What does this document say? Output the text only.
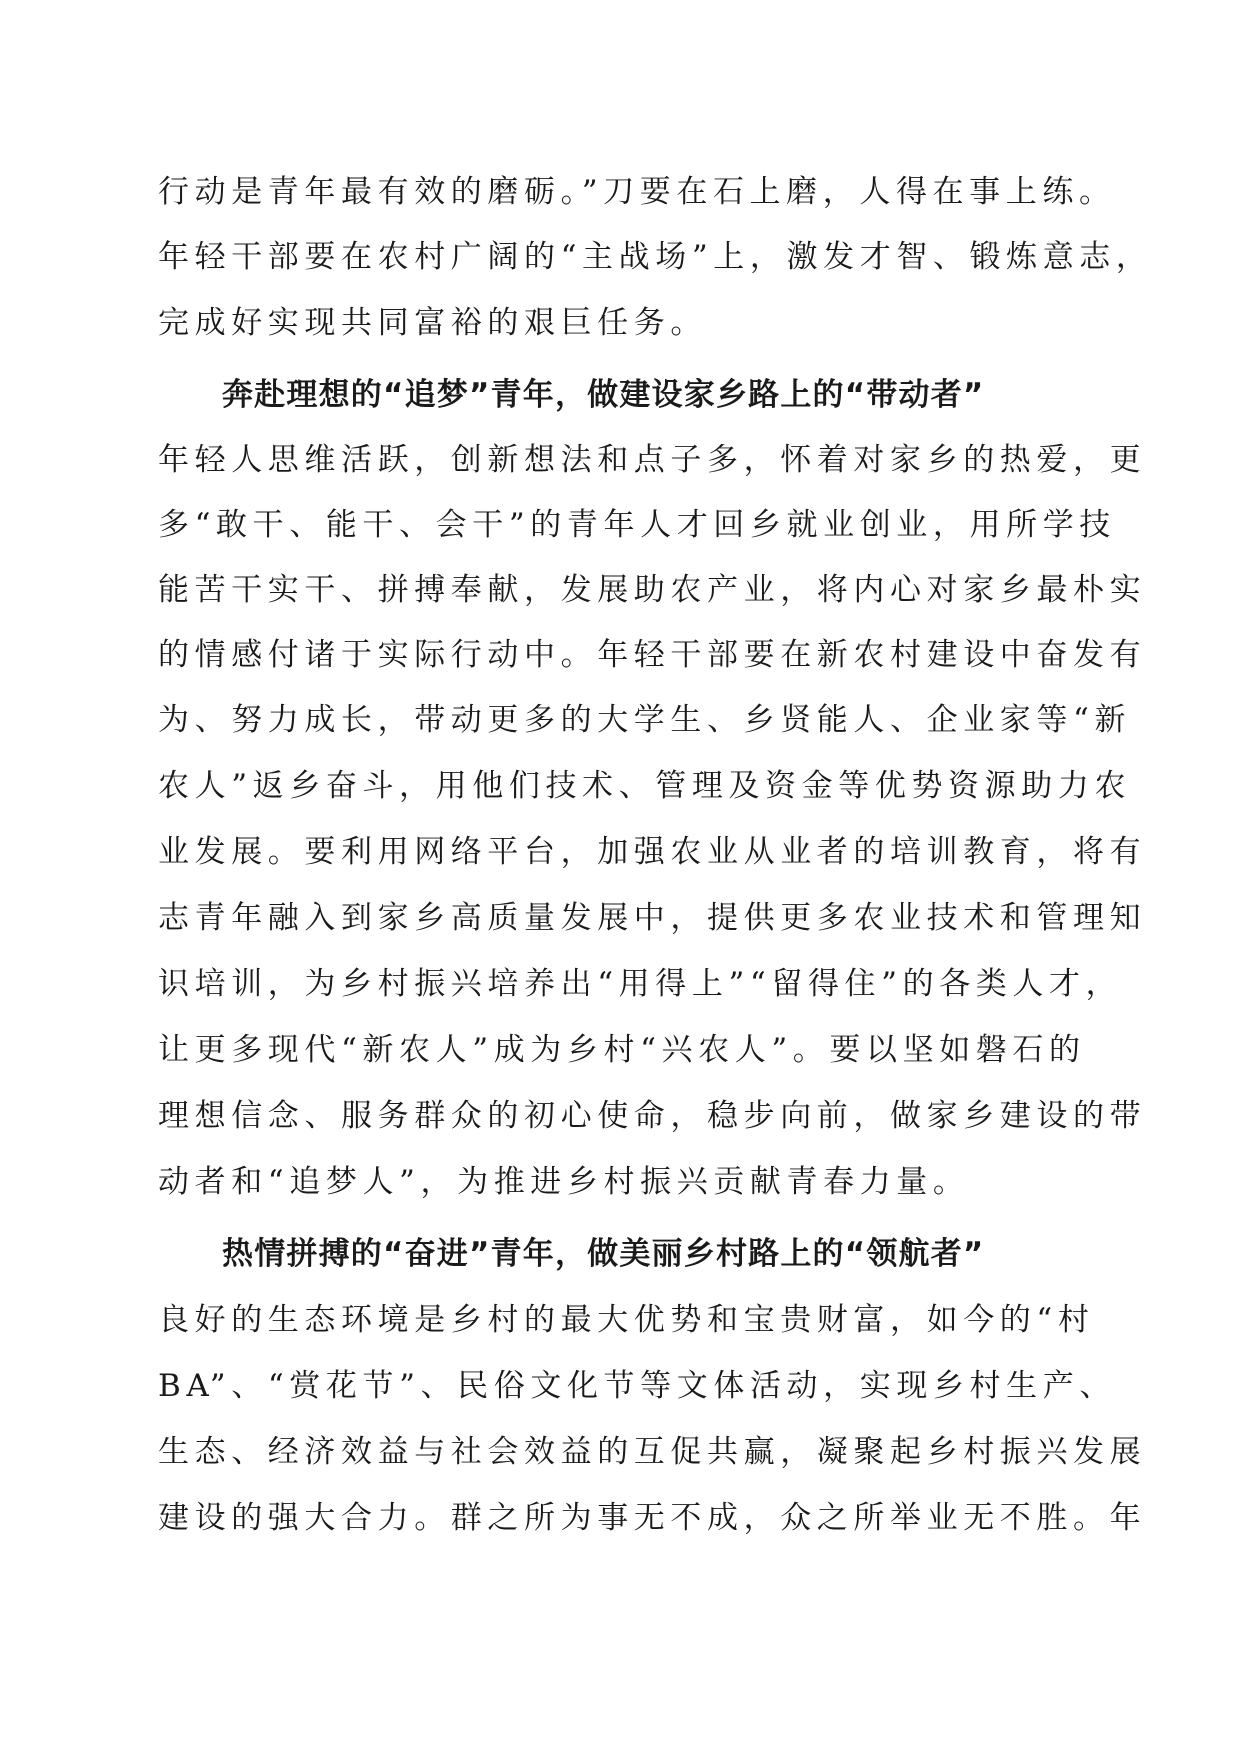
行动是青年最有效的磨砺。”刀要在石上磨，人得在事上练。
年轻干部要在农村广阔的“主战场”上，激发才智、锻炼意志，
完成好实现共同富裕的艰巨任务。
奔赴理想的“追梦”青年，做建设家乡路上的“带动者”
年轻人思维活跃，创新想法和点子多，怀着对家乡的热爱，更
多“敢干、能干、会干”的青年人才回乡就业创业，用所学技
能苦干实干、拼搏奉献，发展助农产业，将内心对家乡最朴实
的情感付诸于实际行动中。年轻干部要在新农村建设中奋发有
为、努力成长，带动更多的大学生、乡贤能人、企业家等“新
农人”返乡奋斗，用他们技术、管理及资金等优势资源助力农
业发展。要利用网络平台，加强农业从业者的培训教育，将有
志青年融入到家乡高质量发展中，提供更多农业技术和管理知
识培训，为乡村振兴培养出“用得上”“留得住”的各类人才，
让更多现代“新农人”成为乡村“兴农人”。要以坚如磐石的
理想信念、服务群众的初心使命，稳步向前，做家乡建设的带
动者和“追梦人”，为推进乡村振兴贡献青春力量。
热情拼搏的“奋进”青年，做美丽乡村路上的“领航者”
良好的生态环境是乡村的最大优势和宝贵财富，如今的“村
BA”、“赏花节”、民俗文化节等文体活动，实现乡村生产、
生态、经济效益与社会效益的互促共赢，凝聚起乡村振兴发展
建设的强大合力。群之所为事无不成，众之所举业无不胜。年
